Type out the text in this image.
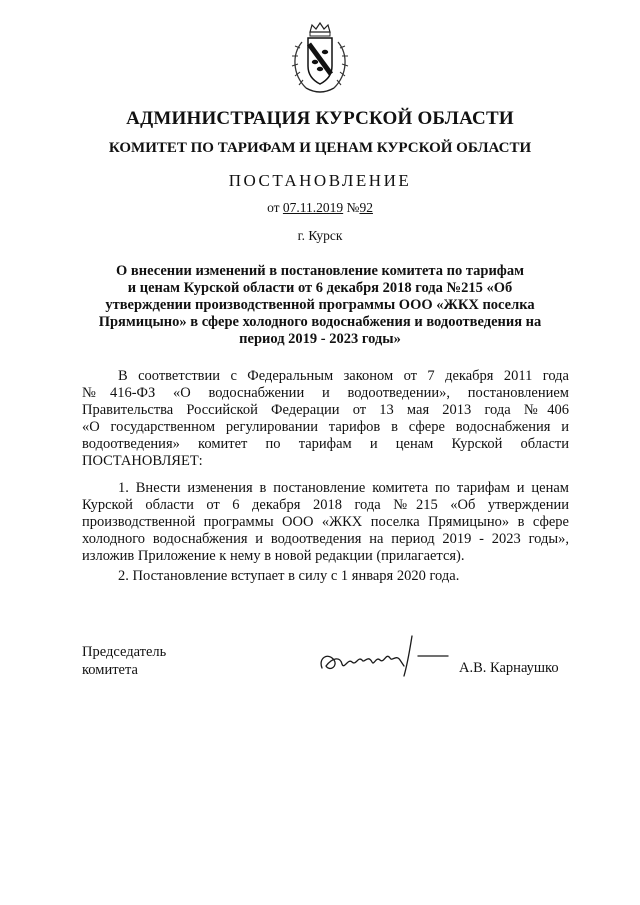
АДМИНИСТРАЦИЯ КУРСКОЙ ОБЛАСТИ
КОМИТЕТ ПО ТАРИФАМ И ЦЕНАМ КУРСКОЙ ОБЛАСТИ
ПОСТАНОВЛЕНИЕ
от 07.11.2019 №92
г. Курск
О внесении изменений в постановление комитета по тарифам
и ценам Курской области от 6 декабря 2018 года №215 «Об
утверждении производственной программы ООО «ЖКХ поселка
Прямицыно» в сфере холодного водоснабжения и водоотведения на
период 2019 - 2023 годы»
В соответствии с Федеральным законом от 7 декабря 2011 года
№416-ФЗ «О водоснабжении и водоотведении», постановлением
Правительства Российской Федерации от 13 мая 2013 года №406
«О государственном регулировании тарифов в сфере водоснабжения и
водоотведения» комитет по тарифам и ценам Курской области
ПОСТАНОВЛЯЕТ:
1. Внести изменения в постановление комитета по тарифам и ценам
Курской области от 6 декабря 2018 года №215 «Об утверждении
производственной программы ООО «ЖКХ поселка Прямицыно» в сфере
холодного водоснабжения и водоотведения на период 2019 - 2023 годы»,
изложив Приложение к нему в новой редакции (прилагается).
2. Постановление вступает в силу с 1 января 2020 года.
Председатель
комитета	А.В. Карнаушко
